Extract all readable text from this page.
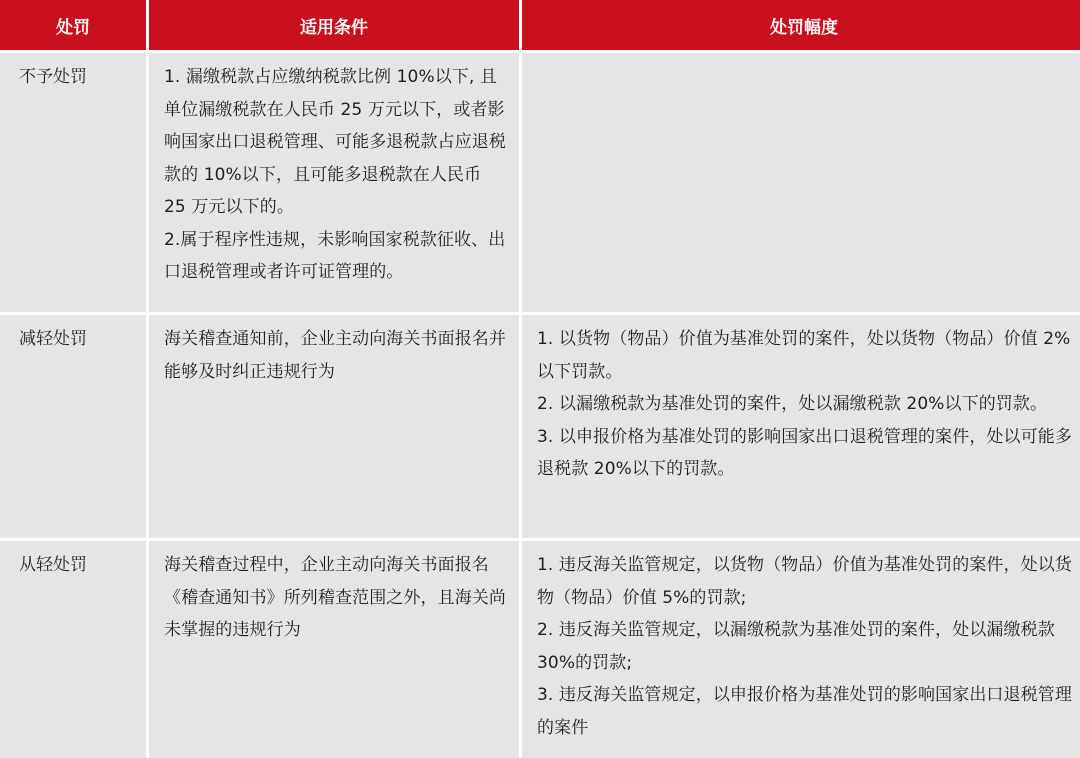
处罚	适用条件	处罚幅度
不予处罚	1. 漏缴税款占应缴纳税款比例 10%以下, 且单位漏缴税款在人民币 25 万元以下，或者影响国家出口退税管理、可能多退税款占应退税款的 10%以下，且可能多退税款在人民币 25 万元以下的。
2.属于程序性违规，未影响国家税款征收、出口退税管理或者许可证管理的。	

减轻处罚	海关稽查通知前，企业主动向海关书面报名并能够及时纠正违规行为	1. 以货物（物品）价值为基准处罚的案件，处以货物（物品）价值 2%以下罚款。
2. 以漏缴税款为基准处罚的案件，处以漏缴税款 20%以下的罚款。
3. 以申报价格为基准处罚的影响国家出口退税管理的案件，处以可能多退税款 20%以下的罚款。

从轻处罚	海关稽查过程中，企业主动向海关书面报名《稽查通知书》所列稽查范围之外，且海关尚未掌握的违规行为	1. 违反海关监管规定，以货物（物品）价值为基准处罚的案件，处以货物（物品）价值 5%的罚款;
2. 违反海关监管规定，以漏缴税款为基准处罚的案件，处以漏缴税款 30%的罚款;
3. 违反海关监管规定，以申报价格为基准处罚的影响国家出口退税管理的案件
